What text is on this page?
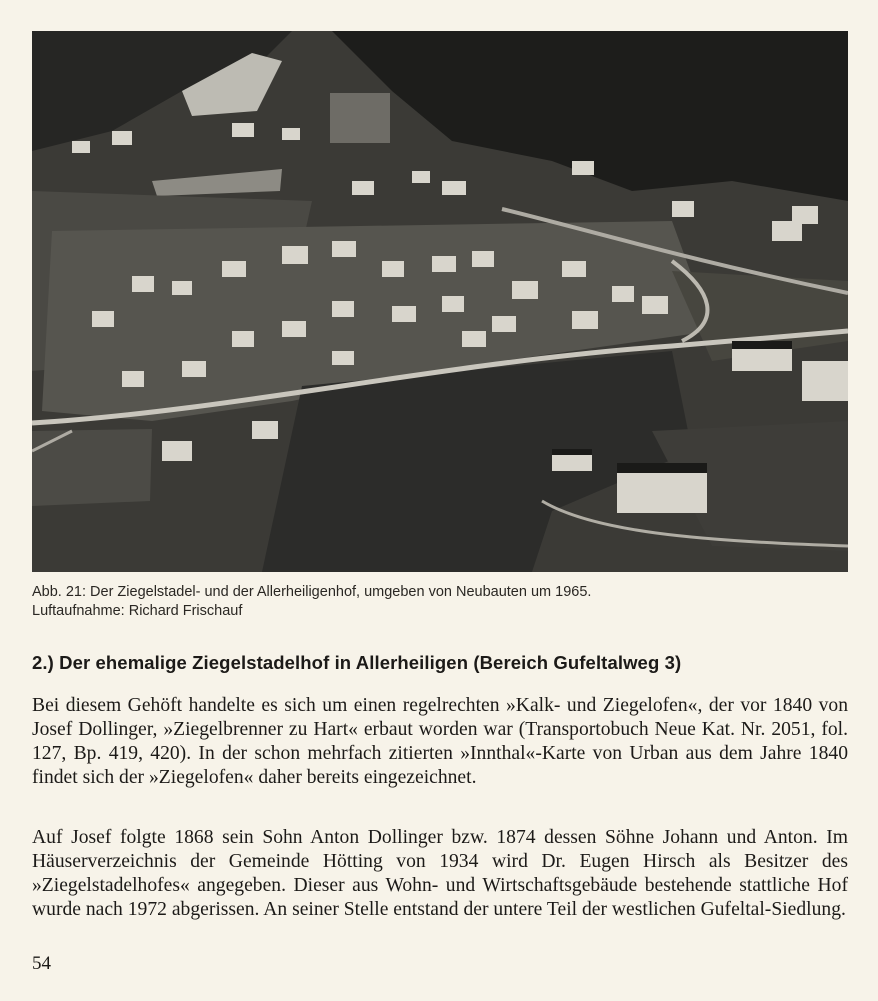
Abb. 21: Der Ziegelstadel- und der Allerheiligenhof, umgeben von Neubauten um 1965.
Luftaufnahme: Richard Frischauf
2.) Der ehemalige Ziegelstadelhof in Allerheiligen (Bereich Gufeltalweg 3)
Bei diesem Gehöft handelte es sich um einen regelrechten »Kalk- und Ziegelofen«, der vor 1840 von Josef Dollinger, »Ziegelbrenner zu Hart« erbaut worden war (Transportobuch Neue Kat. Nr. 2051, fol. 127, Bp. 419, 420). In der schon mehrfach zitierten »Innthal«-Karte von Urban aus dem Jahre 1840 findet sich der »Ziegelofen« daher bereits eingezeichnet.
Auf Josef folgte 1868 sein Sohn Anton Dollinger bzw. 1874 dessen Söhne Johann und Anton. Im Häuserverzeichnis der Gemeinde Hötting von 1934 wird Dr. Eugen Hirsch als Besitzer des »Ziegelstadelhofes« angegeben. Dieser aus Wohn- und Wirtschaftsgebäude bestehende stattliche Hof wurde nach 1972 abgerissen. An seiner Stelle entstand der untere Teil der westlichen Gufeltal-Siedlung.
54
